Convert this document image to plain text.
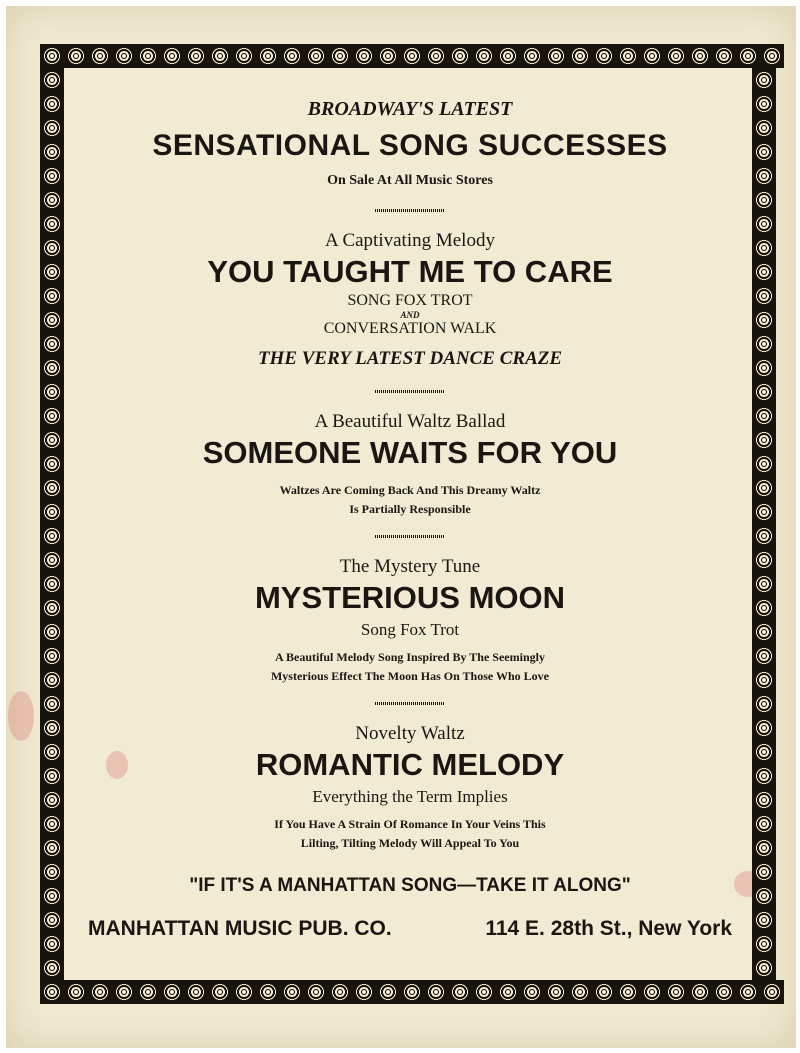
BROADWAY'S LATEST
SENSATIONAL SONG SUCCESSES
On Sale At All Music Stores
A Captivating Melody
YOU TAUGHT ME TO CARE
SONG FOX TROT
AND
CONVERSATION WALK
THE VERY LATEST DANCE CRAZE
A Beautiful Waltz Ballad
SOMEONE WAITS FOR YOU
Waltzes Are Coming Back And This Dreamy Waltz
Is Partially Responsible
The Mystery Tune
MYSTERIOUS MOON
Song Fox Trot
A Beautiful Melody Song Inspired By The Seemingly
Mysterious Effect The Moon Has On Those Who Love
Novelty Waltz
ROMANTIC MELODY
Everything the Term Implies
If You Have A Strain Of Romance In Your Veins This
Lilting, Tilting Melody Will Appeal To You
"IF IT'S A MANHATTAN SONG—TAKE IT ALONG"
MANHATTAN MUSIC PUB. CO.	114 E. 28th St., New York
